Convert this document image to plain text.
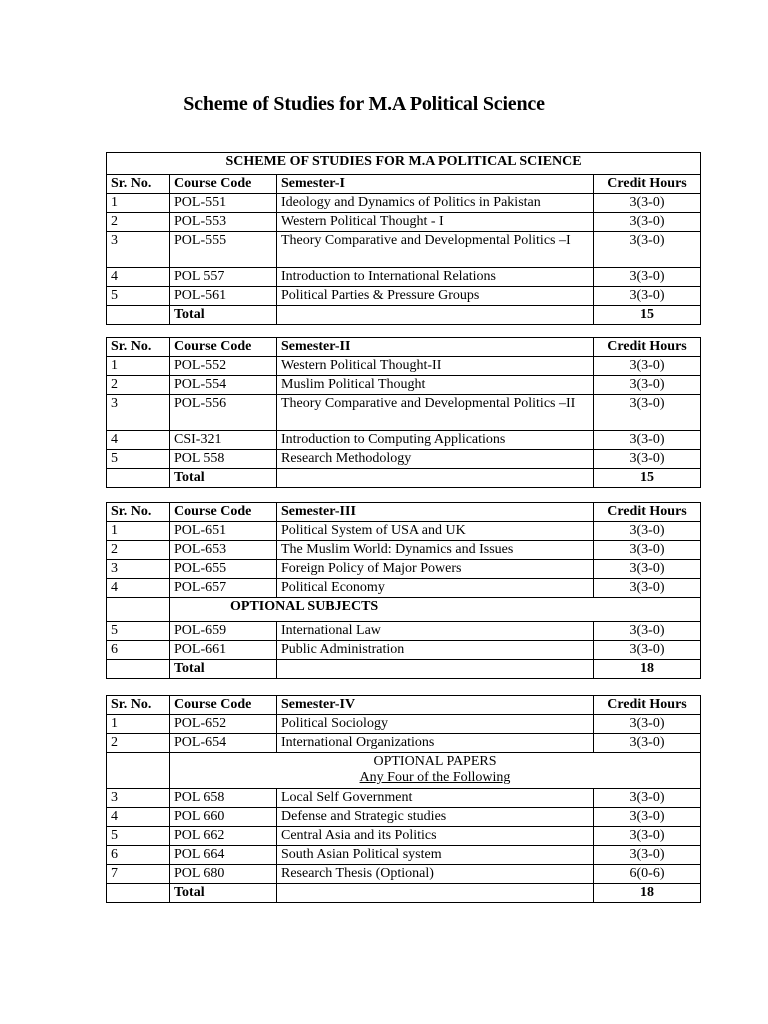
Scheme of Studies for M.A Political Science
SCHEME OF STUDIES FOR M.A POLITICAL SCIENCE			
Sr. No.	Course Code	Semester-I	Credit Hours
1	POL-551	Ideology and Dynamics of Politics in Pakistan	3(3-0)
2	POL-553	Western Political Thought - I	3(3-0)
3	POL-555	Theory Comparative and Developmental Politics –I	3(3-0)
4	POL 557	Introduction to International Relations	3(3-0)
5	POL-561	Political Parties & Pressure Groups	3(3-0)
	Total		15
Sr. No.	Course Code	Semester-II	Credit Hours
1	POL-552	Western Political Thought-II	3(3-0)
2	POL-554	Muslim Political Thought	3(3-0)
3	POL-556	Theory Comparative and Developmental Politics –II	3(3-0)
4	CSI-321	Introduction to Computing Applications	3(3-0)
5	POL 558	Research Methodology	3(3-0)
	Total		15
Sr. No.	Course Code	Semester-III	Credit Hours
1	POL-651	Political System of USA and UK	3(3-0)
2	POL-653	The Muslim World: Dynamics and Issues	3(3-0)
3	POL-655	Foreign Policy of Major Powers	3(3-0)
4	POL-657	Political Economy	3(3-0)
	OPTIONAL SUBJECTS		
5	POL-659	International Law	3(3-0)
6	POL-661	Public Administration	3(3-0)
	Total		18
Sr. No.	Course Code	Semester-IV	Credit Hours
1	POL-652	Political Sociology	3(3-0)
2	POL-654	International Organizations	3(3-0)

	OPTIONAL PAPERS
Any Four of the Following		

3	POL 658	Local Self Government	3(3-0)
4	POL 660	Defense and Strategic studies	3(3-0)
5	POL 662	Central Asia and its Politics	3(3-0)
6	POL 664	South Asian Political system	3(3-0)
7	POL 680	Research Thesis (Optional)	6(0-6)
	Total		18
